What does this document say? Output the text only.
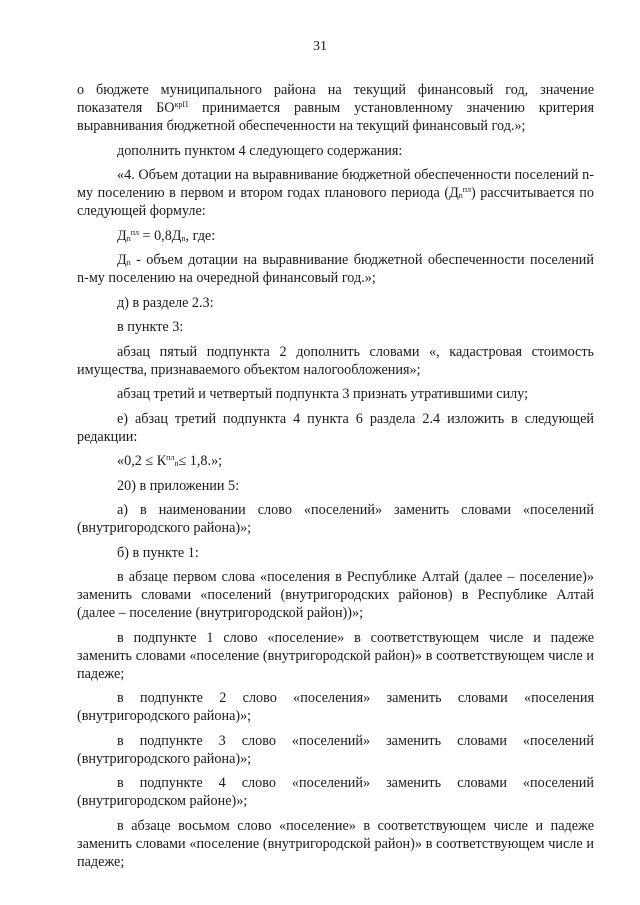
31

о бюджете муниципального района на текущий финансовый год, значение показателя $БО^{крП}$ принимается равным установленному значению критерия выравнивания бюджетной обеспеченности на текущий финансовый год.»;

дополнить пунктом 4 следующего содержания:

«4. Объем дотации на выравнивание бюджетной обеспеченности поселений n-му поселению в первом и втором годах планового периода $(Д_n^{пл})$ рассчитывается по следующей формуле:

$Д_n^{пл} = 0,8Д_n$, где:

$Д_n$ - объем дотации на выравнивание бюджетной обеспеченности поселений n-му поселению на очередной финансовый год.»;

д) в разделе 2.3:

в пункте 3:

абзац пятый подпункта 2 дополнить словами «, кадастровая стоимость имущества, признаваемого объектом налогообложения»;

абзац третий и четвертый подпункта 3 признать утратившими силу;

е) абзац третий подпункта 4 пункта 6 раздела 2.4 изложить в следующей редакции:

«$0,2 \le К^{пл}_n\le 1,8$.»;

20) в приложении 5:

а) в наименовании слово «поселений» заменить словами «поселений (внутригородского района)»;

б) в пункте 1:

в абзаце первом слова «поселения в Республике Алтай (далее – поселение)» заменить словами «поселений (внутригородских районов) в Республике Алтай (далее – поселение (внутригородской район))»;

в подпункте 1 слово «поселение» в соответствующем числе и падеже заменить словами «поселение (внутригородской район)» в соответствующем числе и падеже;

в подпункте 2 слово «поселения» заменить словами «поселения (внутригородского района)»;

в подпункте 3 слово «поселений» заменить словами «поселений (внутригородского района)»;

в подпункте 4 слово «поселений» заменить словами «поселений (внутригородском районе)»;

в абзаце восьмом слово «поселение» в соответствующем числе и падеже заменить словами «поселение (внутригородской район)» в соответствующем числе и падеже;
